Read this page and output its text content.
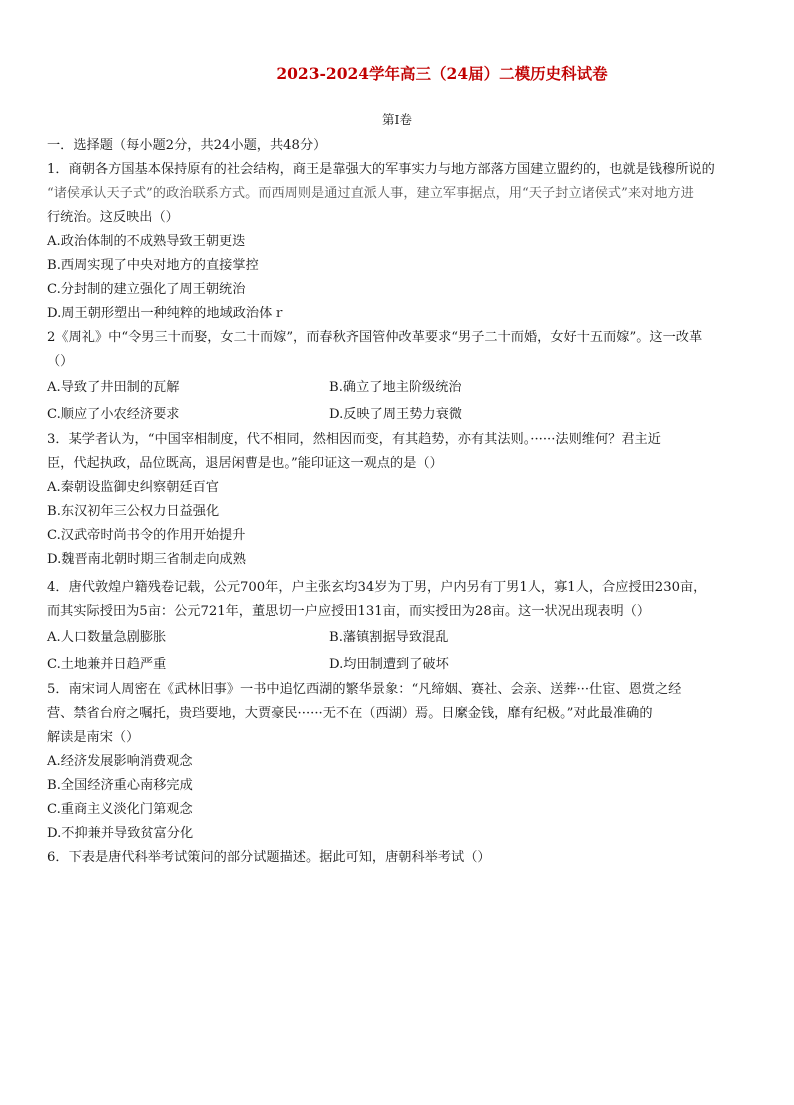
2023-2024学年高三（24届）二模历史科试卷
第I卷
一．选择题（每小题2分，共24小题，共48分）
1．商朝各方国基本保持原有的社会结构，商王是靠强大的军事实力与地方部落方国建立盟约的，也就是钱穆所说的
“诸侯承认天子式”的政治联系方式。而西周则是通过直派人事，建立军事据点，用“天子封立诸侯式”来对地方进
行统治。这反映出（）
A.政治体制的不成熟导致王朝更迭
B.西周实现了中央对地方的直接掌控
C.分封制的建立强化了周王朝统治
D.周王朝形塑出一种纯粹的地域政治体ｒ
2《周礼》中“令男三十而娶，女二十而嫁”，而春秋齐国管仲改革要求“男子二十而婚，女好十五而嫁”。这一改革
（）
A.导致了井田制的瓦解	B.确立了地主阶级统治
C.顺应了小农经济要求	D.反映了周王势力衰微
3．某学者认为，“中国宰相制度，代不相同，然相因而变，有其趋势，亦有其法则。······法则维何？君主近
臣，代起执政，品位既高，退居闲曹是也。”能印证这一观点的是（）
A.秦朝设监御史纠察朝廷百官
B.东汉初年三公权力日益强化
C.汉武帝时尚书令的作用开始提升
D.魏晋南北朝时期三省制走向成熟
4．唐代敦煌户籍残卷记载，公元700年，户主张玄均34岁为丁男，户内另有丁男1人，寡1人，合应授田230亩，
而其实际授田为5亩：公元721年，董思切一户应授田131亩，而实授田为28亩。这一状况出现表明（）
A.人口数量急剧膨胀	B.藩镇割据导致混乱
C.土地兼并日趋严重	D.均田制遭到了破坏
5．南宋词人周密在《武林旧事》一书中追忆西湖的繁华景象：“凡缔姻、赛社、会亲、送葬···仕宦、恩赏之经
营、禁省台府之嘱托，贵珰要地，大贾豪民······无不在（西湖）焉。日縻金钱，靡有纪极。”对此最准确的
解读是南宋（）
A.经济发展影响消费观念
B.全国经济重心南移完成
C.重商主义淡化门第观念
D.不抑兼并导致贫富分化
6．下表是唐代科举考试策问的部分试题描述。据此可知，唐朝科举考试（）
